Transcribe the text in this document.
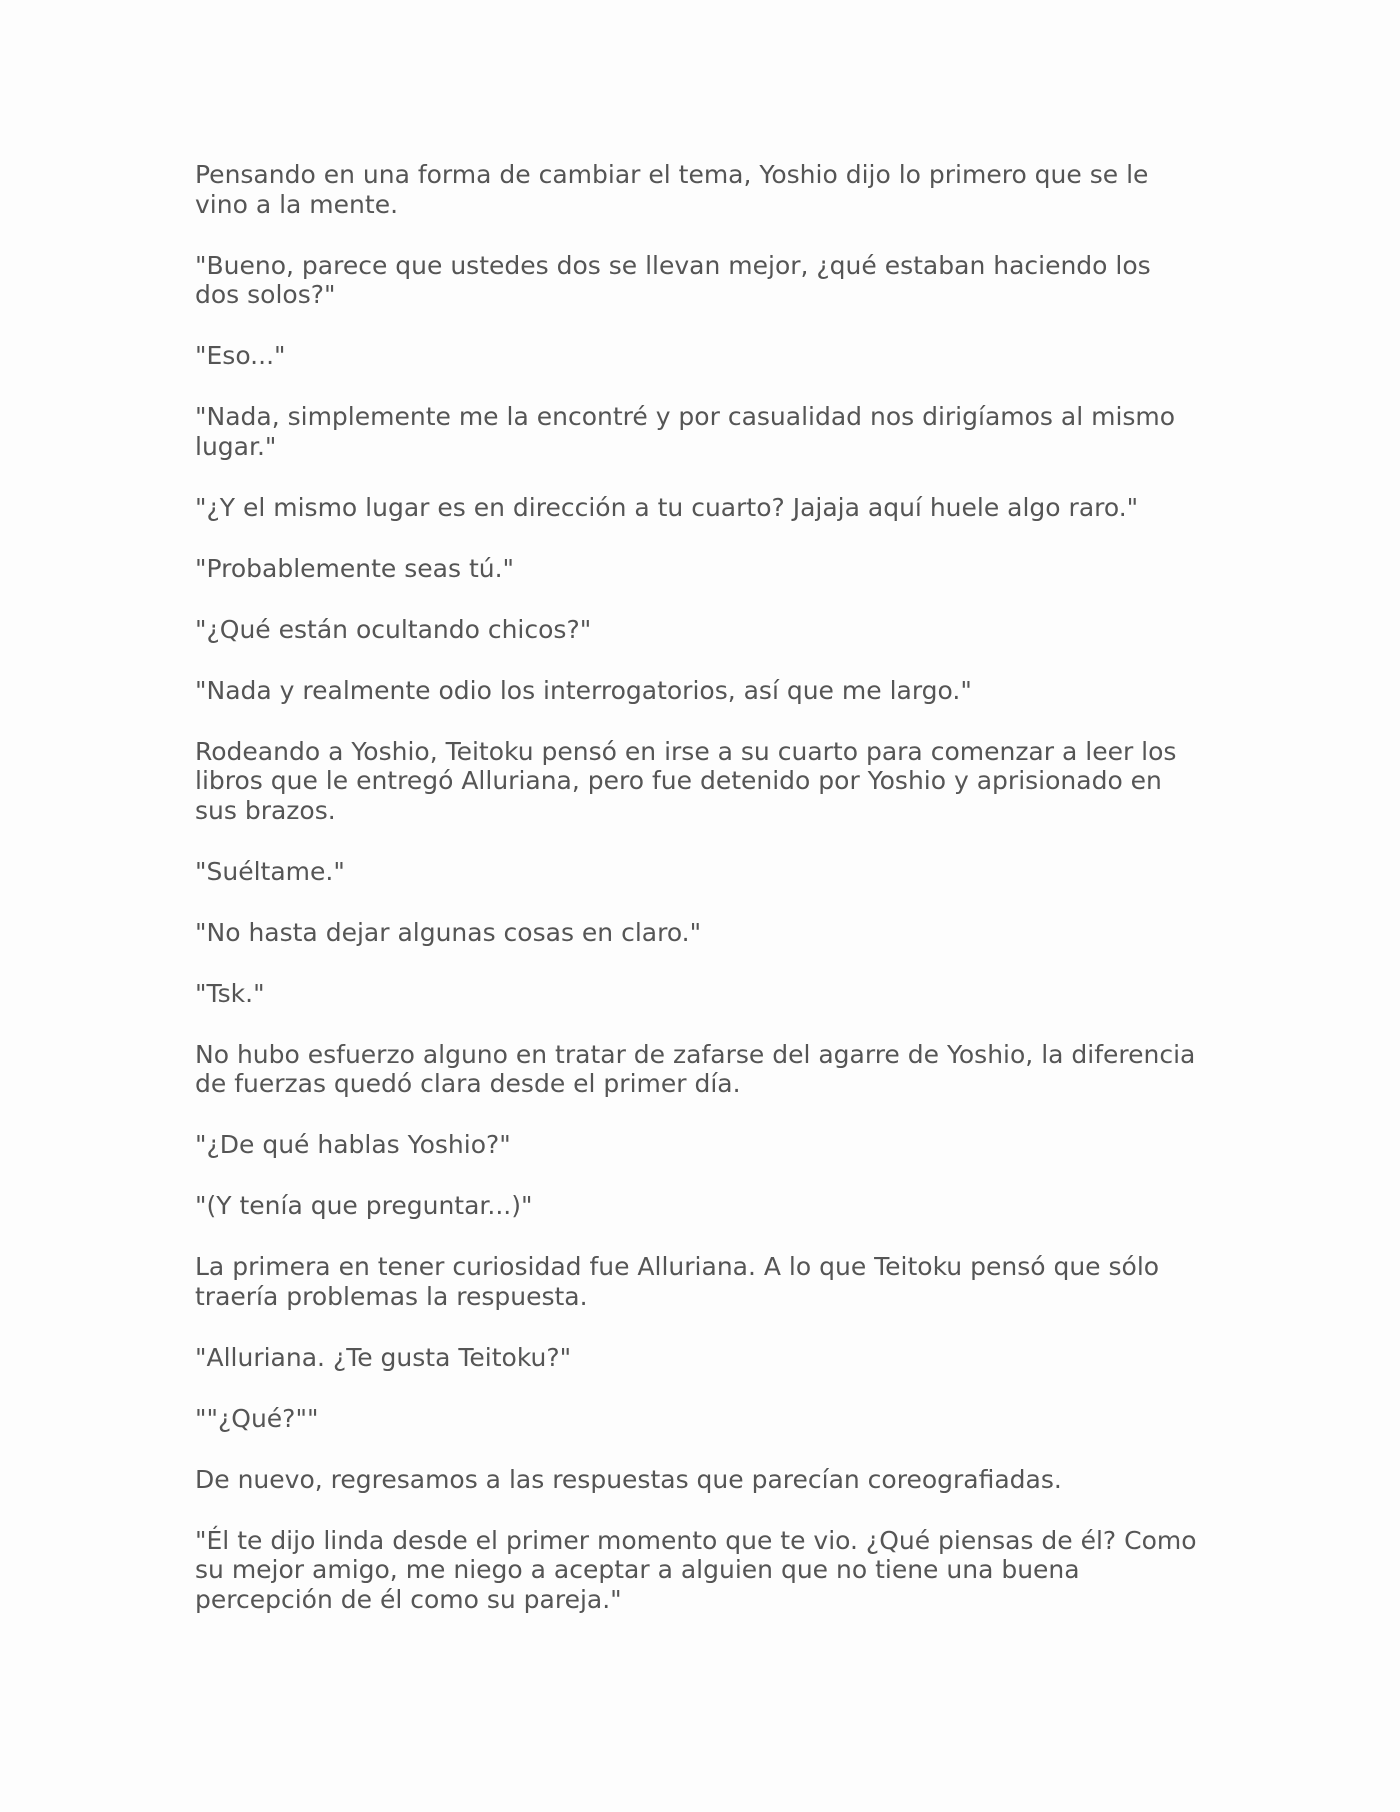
Pensando en una forma de cambiar el tema, Yoshio dijo lo primero que se le
vino a la mente.

"Bueno, parece que ustedes dos se llevan mejor, ¿qué estaban haciendo los
dos solos?"

"Eso..."

"Nada, simplemente me la encontré y por casualidad nos dirigíamos al mismo
lugar."

"¿Y el mismo lugar es en dirección a tu cuarto? Jajaja aquí huele algo raro."

"Probablemente seas tú."

"¿Qué están ocultando chicos?"

"Nada y realmente odio los interrogatorios, así que me largo."

Rodeando a Yoshio, Teitoku pensó en irse a su cuarto para comenzar a leer los
libros que le entregó Alluriana, pero fue detenido por Yoshio y aprisionado en
sus brazos.

"Suéltame."

"No hasta dejar algunas cosas en claro."

"Tsk."

No hubo esfuerzo alguno en tratar de zafarse del agarre de Yoshio, la diferencia
de fuerzas quedó clara desde el primer día.

"¿De qué hablas Yoshio?"

"(Y tenía que preguntar...)"

La primera en tener curiosidad fue Alluriana. A lo que Teitoku pensó que sólo
traería problemas la respuesta.

"Alluriana. ¿Te gusta Teitoku?"

""¿Qué?""

De nuevo, regresamos a las respuestas que parecían coreografiadas.

"Él te dijo linda desde el primer momento que te vio. ¿Qué piensas de él? Como
su mejor amigo, me niego a aceptar a alguien que no tiene una buena
percepción de él como su pareja."
